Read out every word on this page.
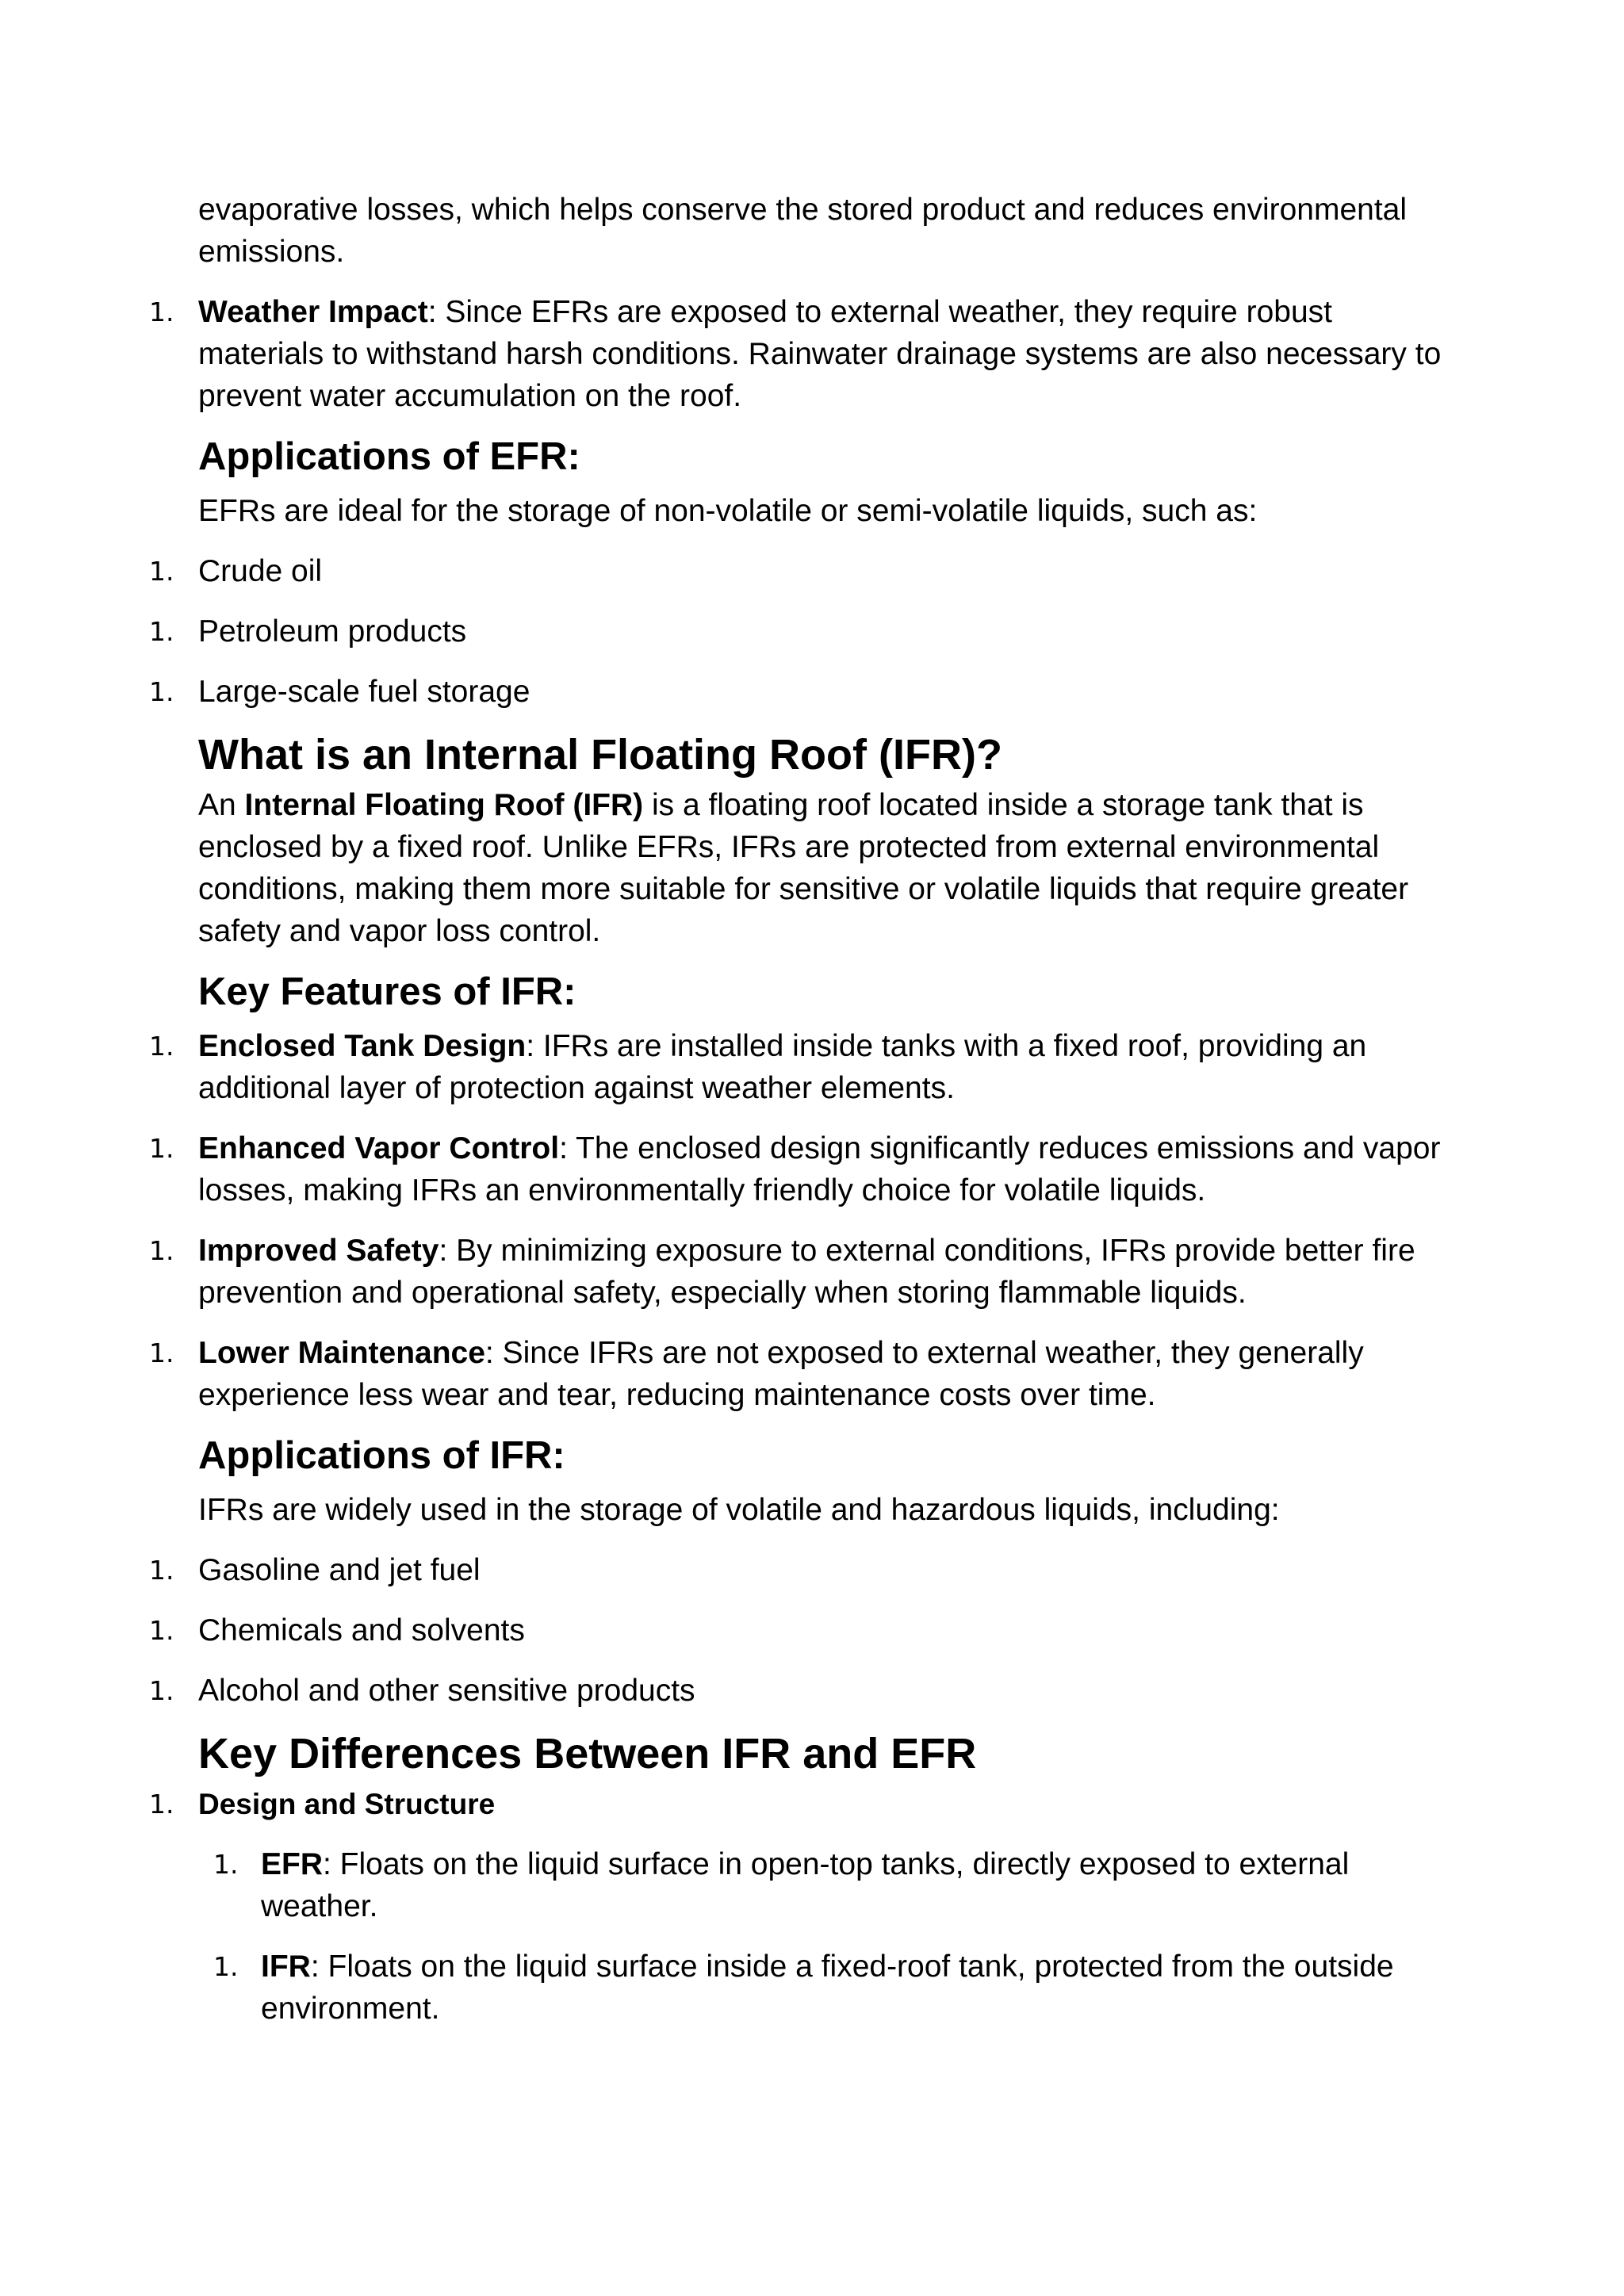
evaporative losses, which helps conserve the stored product and reduces environmental emissions.

1. Weather Impact: Since EFRs are exposed to external weather, they require robust materials to withstand harsh conditions. Rainwater drainage systems are also necessary to prevent water accumulation on the roof.
Applications of EFR:

EFRs are ideal for the storage of non-volatile or semi-volatile liquids, such as:

1. Crude oil
1. Petroleum products
1. Large-scale fuel storage
What is an Internal Floating Roof (IFR)?

An Internal Floating Roof (IFR) is a floating roof located inside a storage tank that is enclosed by a fixed roof. Unlike EFRs, IFRs are protected from external environmental conditions, making them more suitable for sensitive or volatile liquids that require greater safety and vapor loss control.

Key Features of IFR:
1. Enclosed Tank Design: IFRs are installed inside tanks with a fixed roof, providing an additional layer of protection against weather elements.
1. Enhanced Vapor Control: The enclosed design significantly reduces emissions and vapor losses, making IFRs an environmentally friendly choice for volatile liquids.
1. Improved Safety: By minimizing exposure to external conditions, IFRs provide better fire prevention and operational safety, especially when storing flammable liquids.
1. Lower Maintenance: Since IFRs are not exposed to external weather, they generally experience less wear and tear, reducing maintenance costs over time.
Applications of IFR:

IFRs are widely used in the storage of volatile and hazardous liquids, including:

1. Gasoline and jet fuel
1. Chemicals and solvents
1. Alcohol and other sensitive products
Key Differences Between IFR and EFR
1. Design and Structure
1. EFR: Floats on the liquid surface in open-top tanks, directly exposed to external weather.
1. IFR: Floats on the liquid surface inside a fixed-roof tank, protected from the outside environment.
